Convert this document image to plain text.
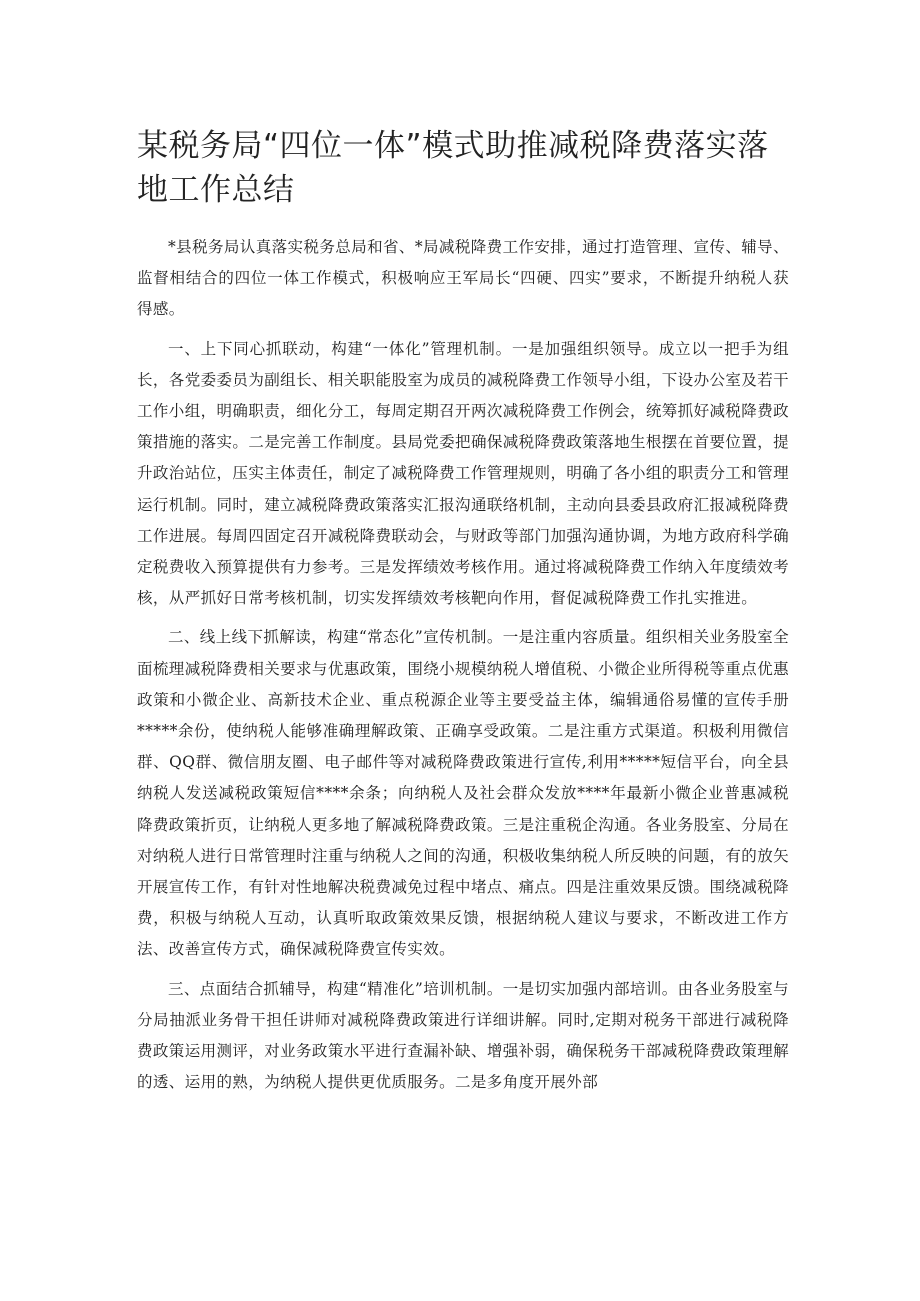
某税务局“四位一体”模式助推减税降费落实落地工作总结

*县税务局认真落实税务总局和省、*局减税降费工作安排，通过打造管理、宣传、辅导、监督相结合的四位一体工作模式，积极响应王军局长“四硬、四实”要求，不断提升纳税人获得感。

一、上下同心抓联动，构建“一体化”管理机制。一是加强组织领导。成立以一把手为组长，各党委委员为副组长、相关职能股室为成员的减税降费工作领导小组，下设办公室及若干工作小组，明确职责，细化分工，每周定期召开两次减税降费工作例会，统筹抓好减税降费政策措施的落实。二是完善工作制度。县局党委把确保减税降费政策落地生根摆在首要位置，提升政治站位，压实主体责任，制定了减税降费工作管理规则，明确了各小组的职责分工和管理运行机制。同时，建立减税降费政策落实汇报沟通联络机制，主动向县委县政府汇报减税降费工作进展。每周四固定召开减税降费联动会，与财政等部门加强沟通协调，为地方政府科学确定税费收入预算提供有力参考。三是发挥绩效考核作用。通过将减税降费工作纳入年度绩效考核，从严抓好日常考核机制，切实发挥绩效考核靶向作用，督促减税降费工作扎实推进。

二、线上线下抓解读，构建“常态化”宣传机制。一是注重内容质量。组织相关业务股室全面梳理减税降费相关要求与优惠政策，围绕小规模纳税人增值税、小微企业所得税等重点优惠政策和小微企业、高新技术企业、重点税源企业等主要受益主体，编辑通俗易懂的宣传手册*****余份，使纳税人能够准确理解政策、正确享受政策。二是注重方式渠道。积极利用微信群、QQ群、微信朋友圈、电子邮件等对减税降费政策进行宣传,利用*****短信平台，向全县纳税人发送减税政策短信****余条；向纳税人及社会群众发放****年最新小微企业普惠减税降费政策折页，让纳税人更多地了解减税降费政策。三是注重税企沟通。各业务股室、分局在对纳税人进行日常管理时注重与纳税人之间的沟通，积极收集纳税人所反映的问题，有的放矢开展宣传工作，有针对性地解决税费减免过程中堵点、痛点。四是注重效果反馈。围绕减税降费，积极与纳税人互动，认真听取政策效果反馈，根据纳税人建议与要求，不断改进工作方法、改善宣传方式，确保减税降费宣传实效。

三、点面结合抓辅导，构建“精准化”培训机制。一是切实加强内部培训。由各业务股室与分局抽派业务骨干担任讲师对减税降费政策进行详细讲解。同时,定期对税务干部进行减税降费政策运用测评，对业务政策水平进行查漏补缺、增强补弱，确保税务干部减税降费政策理解的透、运用的熟，为纳税人提供更优质服务。二是多角度开展外部
